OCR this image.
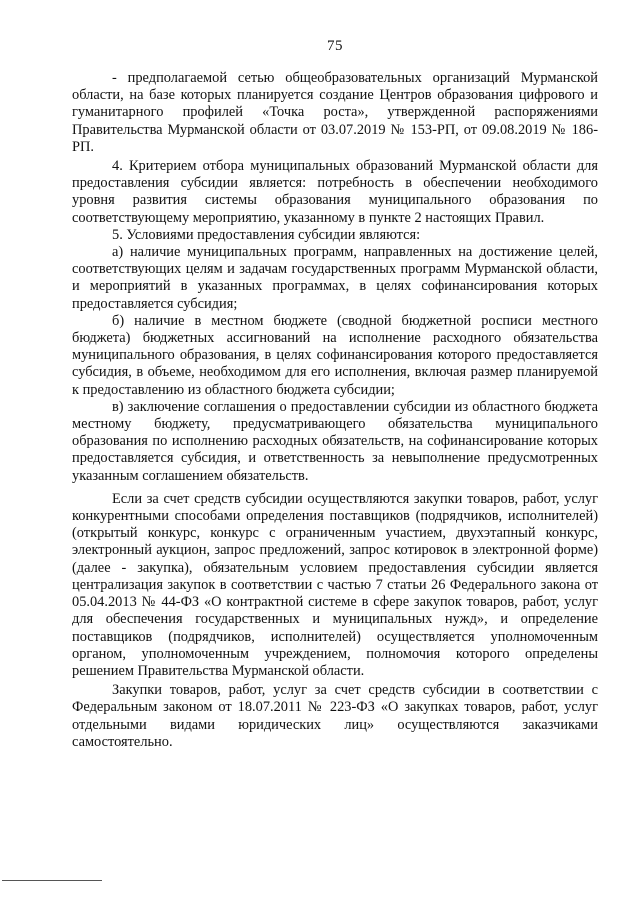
75

- предполагаемой сетью общеобразовательных организаций Мурманской области, на базе которых планируется создание Центров образования цифрового и гуманитарного профилей «Точка роста», утвержденной распоряжениями Правительства Мурманской области от 03.07.2019 № 153-РП, от 09.08.2019 № 186-РП.

4. Критерием отбора муниципальных образований Мурманской области для предоставления субсидии является: потребность в обеспечении необходимого уровня развития системы образования муниципального образования по соответствующему мероприятию, указанному в пункте 2 настоящих Правил.

5. Условиями предоставления субсидии являются:

а) наличие муниципальных программ, направленных на достижение целей, соответствующих целям и задачам государственных программ Мурманской области, и мероприятий в указанных программах, в целях софинансирования которых предоставляется субсидия;

б) наличие в местном бюджете (сводной бюджетной росписи местного бюджета) бюджетных ассигнований на исполнение расходного обязательства муниципального образования, в целях софинансирования которого предоставляется субсидия, в объеме, необходимом для его исполнения, включая размер планируемой к предоставлению из областного бюджета субсидии;

в) заключение соглашения о предоставлении субсидии из областного бюджета местному бюджету, предусматривающего обязательства муниципального образования по исполнению расходных обязательств, на софинансирование которых предоставляется субсидия, и ответственность за невыполнение предусмотренных указанным соглашением обязательств.

Если за счет средств субсидии осуществляются закупки товаров, работ, услуг конкурентными способами определения поставщиков (подрядчиков, исполнителей) (открытый конкурс, конкурс с ограниченным участием, двухэтапный конкурс, электронный аукцион, запрос предложений, запрос котировок в электронной форме) (далее - закупка), обязательным условием предоставления субсидии является централизация закупок в соответствии с частью 7 статьи 26 Федерального закона от 05.04.2013 № 44-ФЗ «О контрактной системе в сфере закупок товаров, работ, услуг для обеспечения государственных и муниципальных нужд», и определение поставщиков (подрядчиков, исполнителей) осуществляется уполномоченным органом, уполномоченным учреждением, полномочия которого определены решением Правительства Мурманской области.

Закупки товаров, работ, услуг за счет средств субсидии в соответствии с Федеральным законом от 18.07.2011 № 223-ФЗ «О закупках товаров, работ, услуг отдельными видами юридических лиц» осуществляются заказчиками самостоятельно.
